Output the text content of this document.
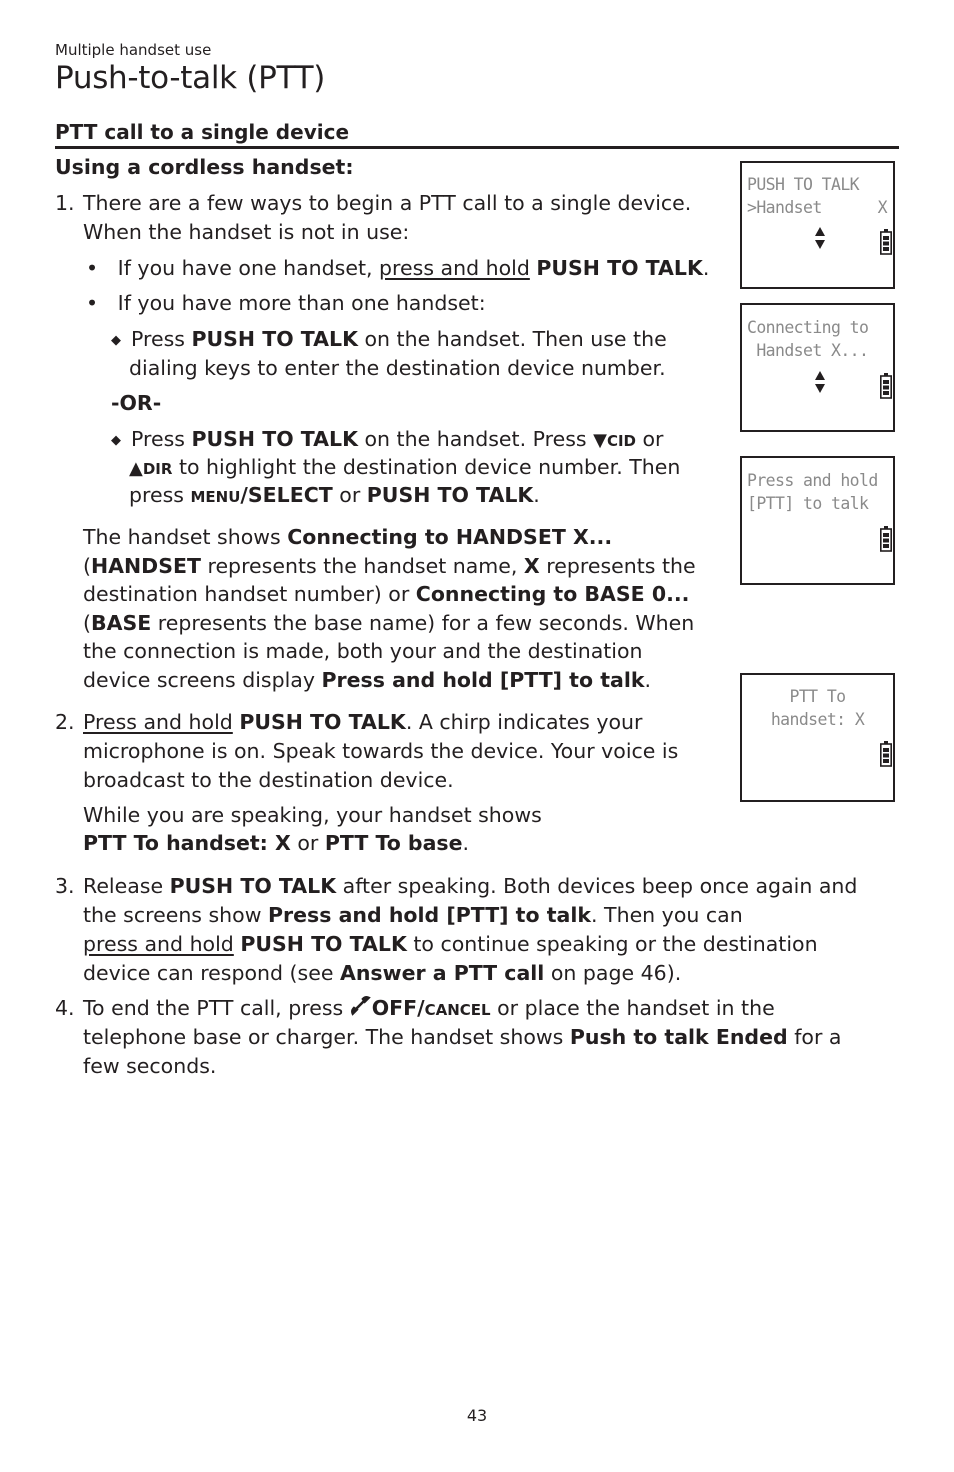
Multiple handset use
Push-to-talk (PTT)
PTT call to a single device
Using a cordless handset:
1. There are a few ways to begin a PTT call to a single device.
When the handset is not in use:
•   If you have one handset, press and hold PUSH TO TALK.
•   If you have more than one handset:
◆ Press PUSH TO TALK on the handset. Then use the
dialing keys to enter the destination device number.
-OR-
◆ Press PUSH TO TALK on the handset. Press ▼CID or
▲DIR to highlight the destination device number. Then
press MENU/SELECT or PUSH TO TALK.
The handset shows Connecting to HANDSET X...
(HANDSET represents the handset name, X represents the
destination handset number) or Connecting to BASE 0...
(BASE represents the base name) for a few seconds. When
the connection is made, both your and the destination
device screens display Press and hold [PTT] to talk.
2. Press and hold PUSH TO TALK. A chirp indicates your
microphone is on. Speak towards the device. Your voice is
broadcast to the destination device.
While you are speaking, your handset shows
PTT To handset: X or PTT To base.
3. Release PUSH TO TALK after speaking. Both devices beep once again and
the screens show Press and hold [PTT] to talk. Then you can
press and hold PUSH TO TALK to continue speaking or the destination
device can respond (see Answer a PTT call on page 46).
4. To end the PTT call, press OFF/CANCEL or place the handset in the
telephone base or charger. The handset shows Push to talk Ended for a
few seconds.
PUSH TO TALK
>Handset      X
Connecting to
Handset X...
Press and hold
[PTT] to talk
PTT To
handset: X
43
